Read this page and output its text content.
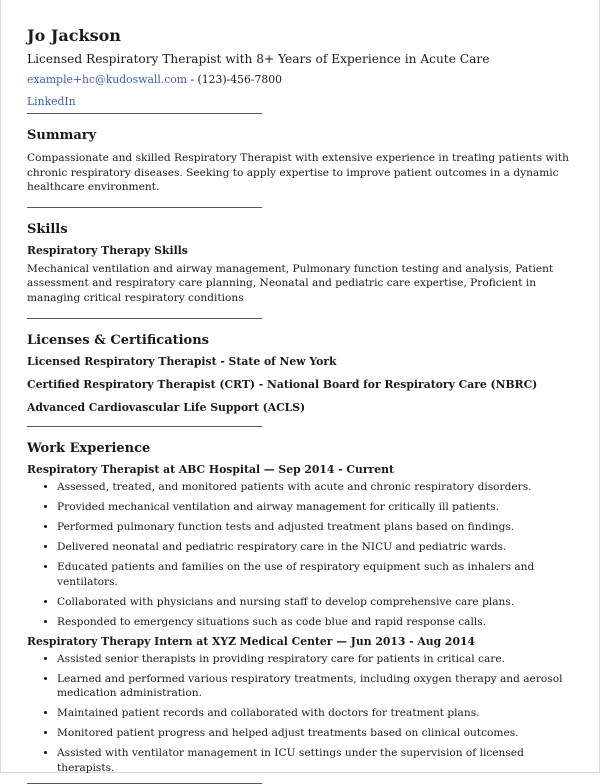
Jo Jackson
Licensed Respiratory Therapist with 8+ Years of Experience in Acute Care
example+hc@kudoswall.com - (123)-456-7800
LinkedIn
Summary
Compassionate and skilled Respiratory Therapist with extensive experience in treating patients with chronic respiratory diseases. Seeking to apply expertise to improve patient outcomes in a dynamic healthcare environment.
Skills
Respiratory Therapy Skills
Mechanical ventilation and airway management, Pulmonary function testing and analysis, Patient assessment and respiratory care planning, Neonatal and pediatric care expertise, Proficient in managing critical respiratory conditions
Licenses & Certifications
Licensed Respiratory Therapist - State of New York
Certified Respiratory Therapist (CRT) - National Board for Respiratory Care (NBRC)
Advanced Cardiovascular Life Support (ACLS)
Work Experience
Respiratory Therapist at ABC Hospital — Sep 2014 - Current
• Assessed, treated, and monitored patients with acute and chronic respiratory disorders.
• Provided mechanical ventilation and airway management for critically ill patients.
• Performed pulmonary function tests and adjusted treatment plans based on findings.
• Delivered neonatal and pediatric respiratory care in the NICU and pediatric wards.
• Educated patients and families on the use of respiratory equipment such as inhalers and ventilators.
• Collaborated with physicians and nursing staff to develop comprehensive care plans.
• Responded to emergency situations such as code blue and rapid response calls.
Respiratory Therapy Intern at XYZ Medical Center — Jun 2013 - Aug 2014
• Assisted senior therapists in providing respiratory care for patients in critical care.
• Learned and performed various respiratory treatments, including oxygen therapy and aerosol medication administration.
• Maintained patient records and collaborated with doctors for treatment plans.
• Monitored patient progress and helped adjust treatments based on clinical outcomes.
• Assisted with ventilator management in ICU settings under the supervision of licensed therapists.
